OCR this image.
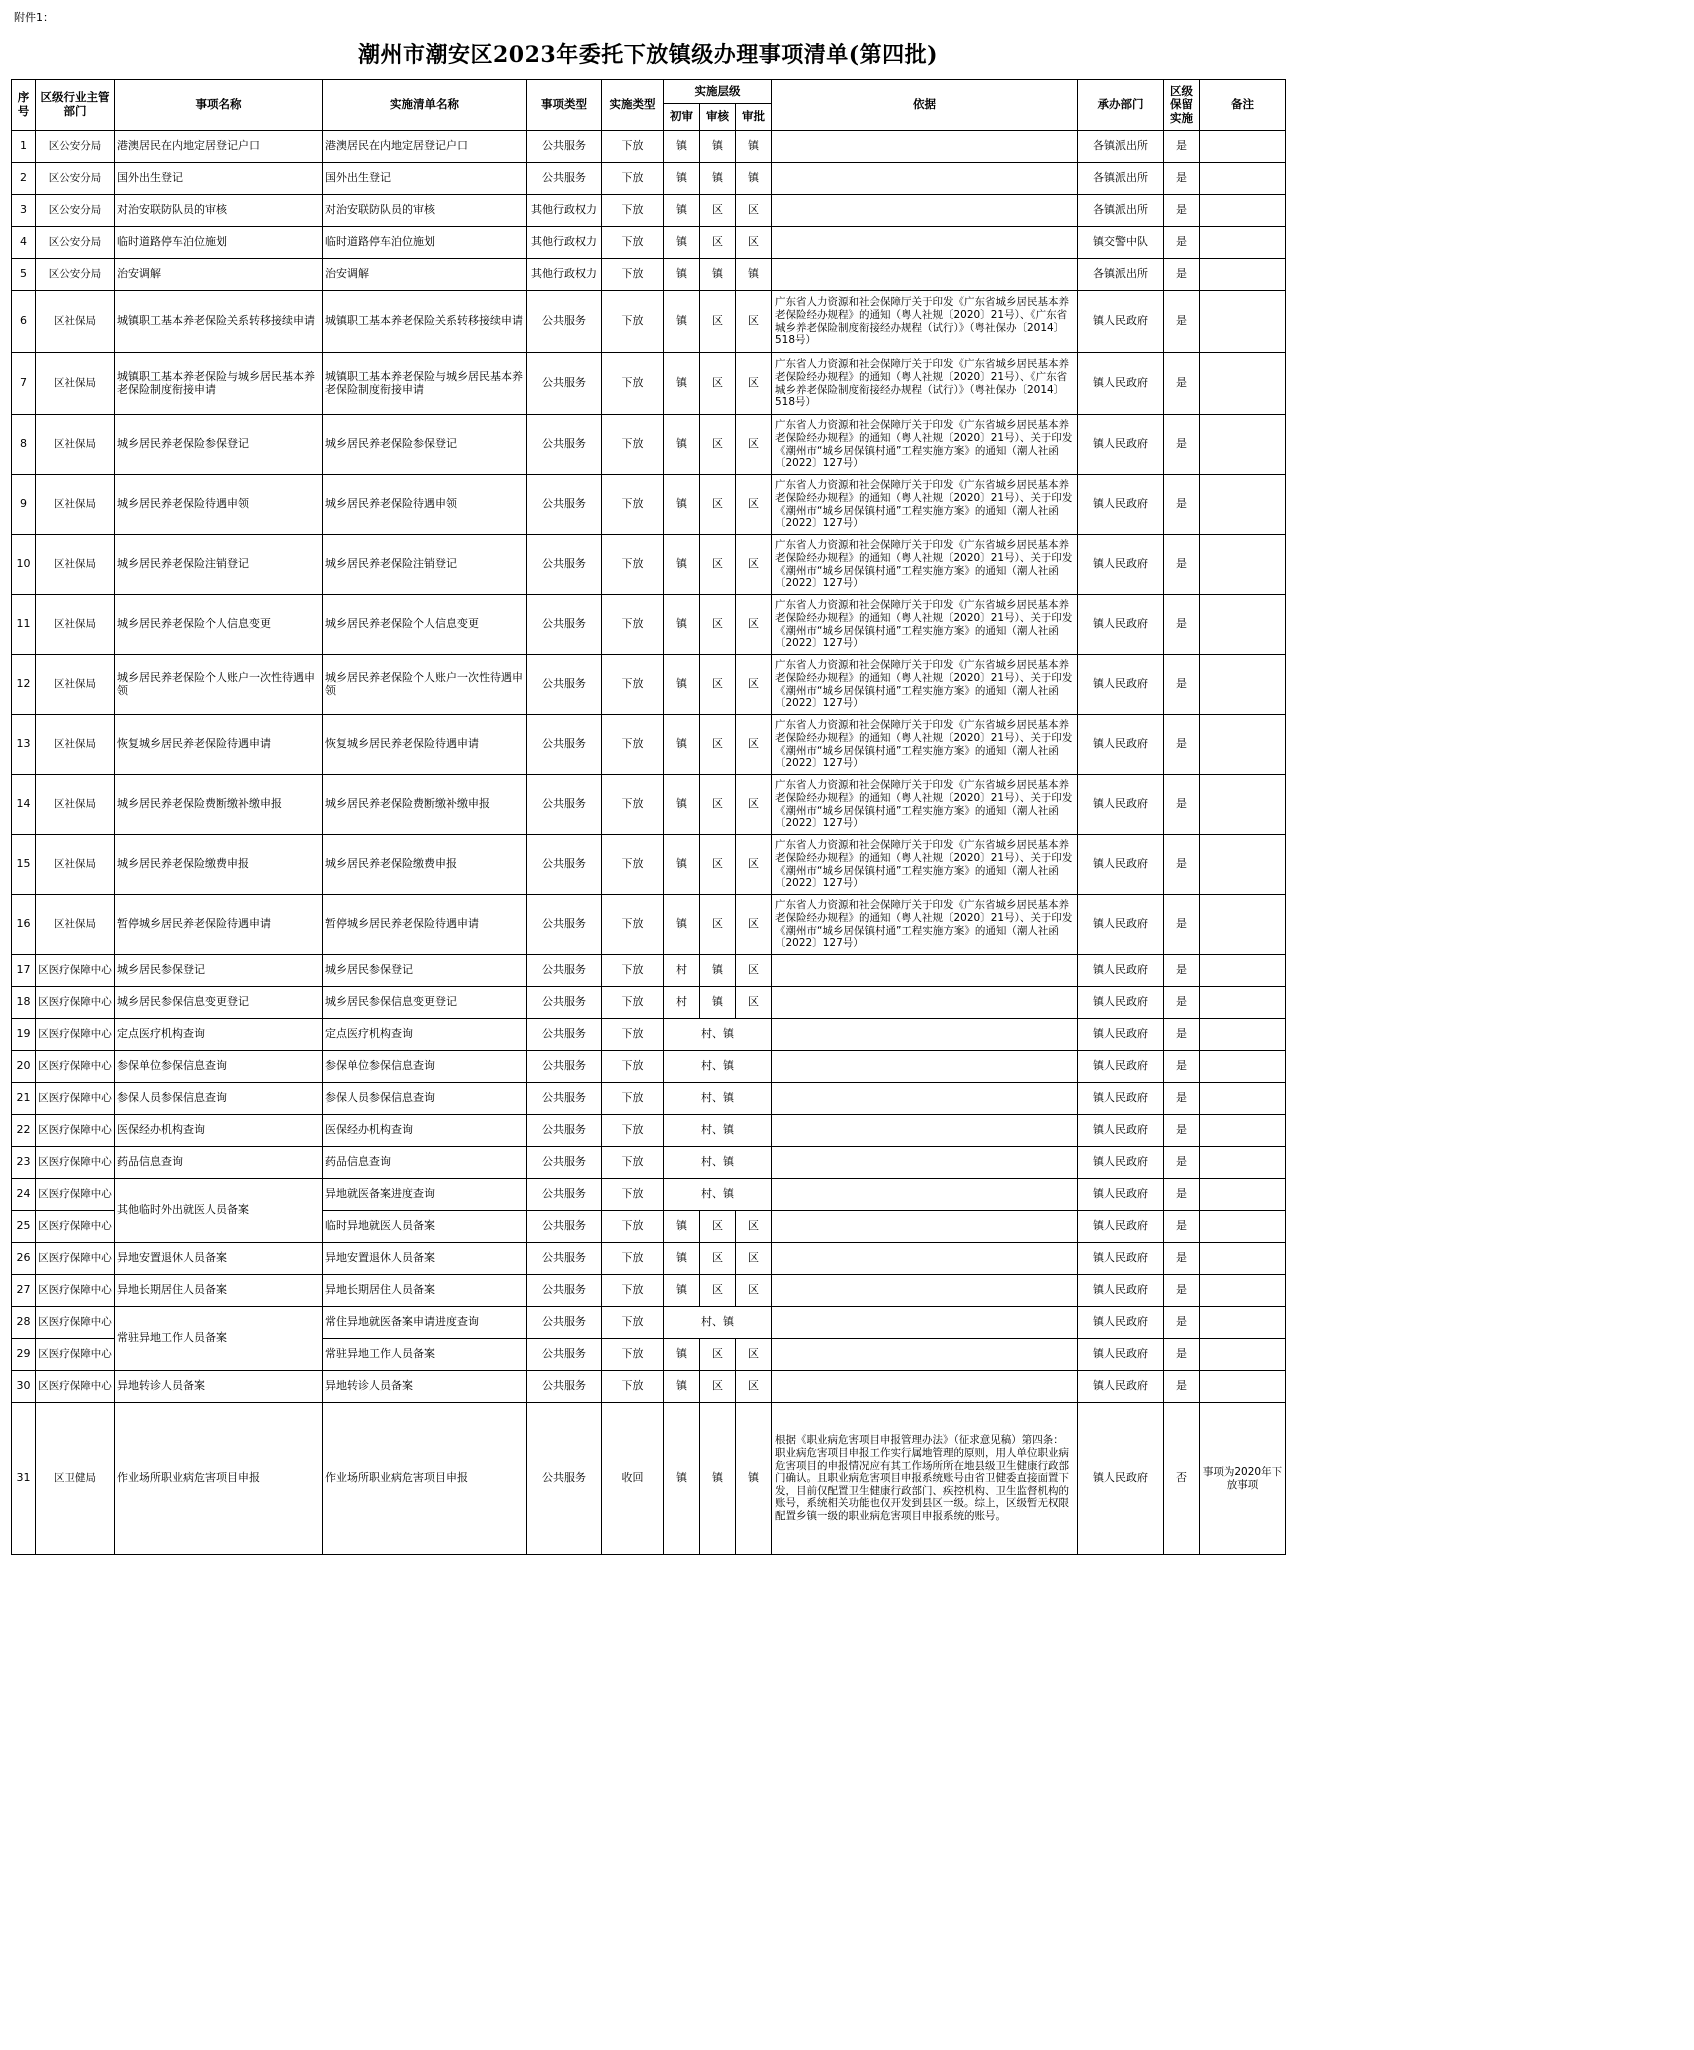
附件1：
潮州市潮安区2023年委托下放镇级办理事项清单(第四批)
序号	区级行业主管部门	事项名称	实施清单名称	事项类型	实施类型	实施层级			依据	承办部门	区级保留实施	备注
						初审	审核	审批				
1	区公安分局	港澳居民在内地定居登记户口	港澳居民在内地定居登记户口	公共服务	下放	镇	镇	镇		各镇派出所	是	
2	区公安分局	国外出生登记	国外出生登记	公共服务	下放	镇	镇	镇		各镇派出所	是	
3	区公安分局	对治安联防队员的审核	对治安联防队员的审核	其他行政权力	下放	镇	区	区		各镇派出所	是	
4	区公安分局	临时道路停车泊位施划	临时道路停车泊位施划	其他行政权力	下放	镇	区	区		镇交警中队	是	
5	区公安分局	治安调解	治安调解	其他行政权力	下放	镇	镇	镇		各镇派出所	是	
6	区社保局	城镇职工基本养老保险关系转移接续申请	城镇职工基本养老保险关系转移接续申请	公共服务	下放	镇	区	区	广东省人力资源和社会保障厅关于印发《广东省城乡居民基本养老保险经办规程》的通知（粤人社规〔2020〕21号）、《广东省城乡养老保险制度衔接经办规程（试行）》（粤社保办〔2014〕518号）	镇人民政府	是	
7	区社保局	城镇职工基本养老保险与城乡居民基本养老保险制度衔接申请	城镇职工基本养老保险与城乡居民基本养老保险制度衔接申请	公共服务	下放	镇	区	区	广东省人力资源和社会保障厅关于印发《广东省城乡居民基本养老保险经办规程》的通知（粤人社规〔2020〕21号）、《广东省城乡养老保险制度衔接经办规程（试行）》（粤社保办〔2014〕518号）	镇人民政府	是	
8	区社保局	城乡居民养老保险参保登记	城乡居民养老保险参保登记	公共服务	下放	镇	区	区	广东省人力资源和社会保障厅关于印发《广东省城乡居民基本养老保险经办规程》的通知（粤人社规〔2020〕21号）、关于印发《潮州市“城乡居保镇村通”工程实施方案》的通知（潮人社函〔2022〕127号）	镇人民政府	是	
9	区社保局	城乡居民养老保险待遇申领	城乡居民养老保险待遇申领	公共服务	下放	镇	区	区	广东省人力资源和社会保障厅关于印发《广东省城乡居民基本养老保险经办规程》的通知（粤人社规〔2020〕21号）、关于印发《潮州市“城乡居保镇村通”工程实施方案》的通知（潮人社函〔2022〕127号）	镇人民政府	是	
10	区社保局	城乡居民养老保险注销登记	城乡居民养老保险注销登记	公共服务	下放	镇	区	区	广东省人力资源和社会保障厅关于印发《广东省城乡居民基本养老保险经办规程》的通知（粤人社规〔2020〕21号）、关于印发《潮州市“城乡居保镇村通”工程实施方案》的通知（潮人社函〔2022〕127号）	镇人民政府	是	
11	区社保局	城乡居民养老保险个人信息变更	城乡居民养老保险个人信息变更	公共服务	下放	镇	区	区	广东省人力资源和社会保障厅关于印发《广东省城乡居民基本养老保险经办规程》的通知（粤人社规〔2020〕21号）、关于印发《潮州市“城乡居保镇村通”工程实施方案》的通知（潮人社函〔2022〕127号）	镇人民政府	是	
12	区社保局	城乡居民养老保险个人账户一次性待遇申领	城乡居民养老保险个人账户一次性待遇申领	公共服务	下放	镇	区	区	广东省人力资源和社会保障厅关于印发《广东省城乡居民基本养老保险经办规程》的通知（粤人社规〔2020〕21号）、关于印发《潮州市“城乡居保镇村通”工程实施方案》的通知（潮人社函〔2022〕127号）	镇人民政府	是	
13	区社保局	恢复城乡居民养老保险待遇申请	恢复城乡居民养老保险待遇申请	公共服务	下放	镇	区	区	广东省人力资源和社会保障厅关于印发《广东省城乡居民基本养老保险经办规程》的通知（粤人社规〔2020〕21号）、关于印发《潮州市“城乡居保镇村通”工程实施方案》的通知（潮人社函〔2022〕127号）	镇人民政府	是	
14	区社保局	城乡居民养老保险费断缴补缴申报	城乡居民养老保险费断缴补缴申报	公共服务	下放	镇	区	区	广东省人力资源和社会保障厅关于印发《广东省城乡居民基本养老保险经办规程》的通知（粤人社规〔2020〕21号）、关于印发《潮州市“城乡居保镇村通”工程实施方案》的通知（潮人社函〔2022〕127号）	镇人民政府	是	
15	区社保局	城乡居民养老保险缴费申报	城乡居民养老保险缴费申报	公共服务	下放	镇	区	区	广东省人力资源和社会保障厅关于印发《广东省城乡居民基本养老保险经办规程》的通知（粤人社规〔2020〕21号）、关于印发《潮州市“城乡居保镇村通”工程实施方案》的通知（潮人社函〔2022〕127号）	镇人民政府	是	
16	区社保局	暂停城乡居民养老保险待遇申请	暂停城乡居民养老保险待遇申请	公共服务	下放	镇	区	区	广东省人力资源和社会保障厅关于印发《广东省城乡居民基本养老保险经办规程》的通知（粤人社规〔2020〕21号）、关于印发《潮州市“城乡居保镇村通”工程实施方案》的通知（潮人社函〔2022〕127号）	镇人民政府	是	
17	区医疗保障中心	城乡居民参保登记	城乡居民参保登记	公共服务	下放	村	镇	区		镇人民政府	是	
18	区医疗保障中心	城乡居民参保信息变更登记	城乡居民参保信息变更登记	公共服务	下放	村	镇	区		镇人民政府	是	
19	区医疗保障中心	定点医疗机构查询	定点医疗机构查询	公共服务	下放	村、镇				镇人民政府	是	
20	区医疗保障中心	参保单位参保信息查询	参保单位参保信息查询	公共服务	下放	村、镇				镇人民政府	是	
21	区医疗保障中心	参保人员参保信息查询	参保人员参保信息查询	公共服务	下放	村、镇				镇人民政府	是	
22	区医疗保障中心	医保经办机构查询	医保经办机构查询	公共服务	下放	村、镇				镇人民政府	是	
23	区医疗保障中心	药品信息查询	药品信息查询	公共服务	下放	村、镇				镇人民政府	是	
24	区医疗保障中心	其他临时外出就医人员备案	异地就医备案进度查询	公共服务	下放	村、镇				镇人民政府	是	
25	区医疗保障中心		临时异地就医人员备案	公共服务	下放	镇	区	区		镇人民政府	是	
26	区医疗保障中心	异地安置退休人员备案	异地安置退休人员备案	公共服务	下放	镇	区	区		镇人民政府	是	
27	区医疗保障中心	异地长期居住人员备案	异地长期居住人员备案	公共服务	下放	镇	区	区		镇人民政府	是	
28	区医疗保障中心	常驻异地工作人员备案	常住异地就医备案申请进度查询	公共服务	下放	村、镇				镇人民政府	是	
29	区医疗保障中心		常驻异地工作人员备案	公共服务	下放	镇	区	区		镇人民政府	是	
30	区医疗保障中心	异地转诊人员备案	异地转诊人员备案	公共服务	下放	镇	区	区		镇人民政府	是	
31	区卫健局	作业场所职业病危害项目申报	作业场所职业病危害项目申报	公共服务	收回	镇	镇	镇	根据《职业病危害项目申报管理办法》（征求意见稿）第四条：职业病危害项目申报工作实行属地管理的原则，用人单位职业病危害项目的申报情况应有其工作场所所在地县级卫生健康行政部门确认。且职业病危害项目申报系统账号由省卫健委直接面置下发，目前仅配置卫生健康行政部门、疾控机构、卫生监督机构的账号，系统相关功能也仅开发到县区一级。综上，区级暂无权限配置乡镇一级的职业病危害项目申报系统的账号。	镇人民政府	否	事项为2020年下放事项
